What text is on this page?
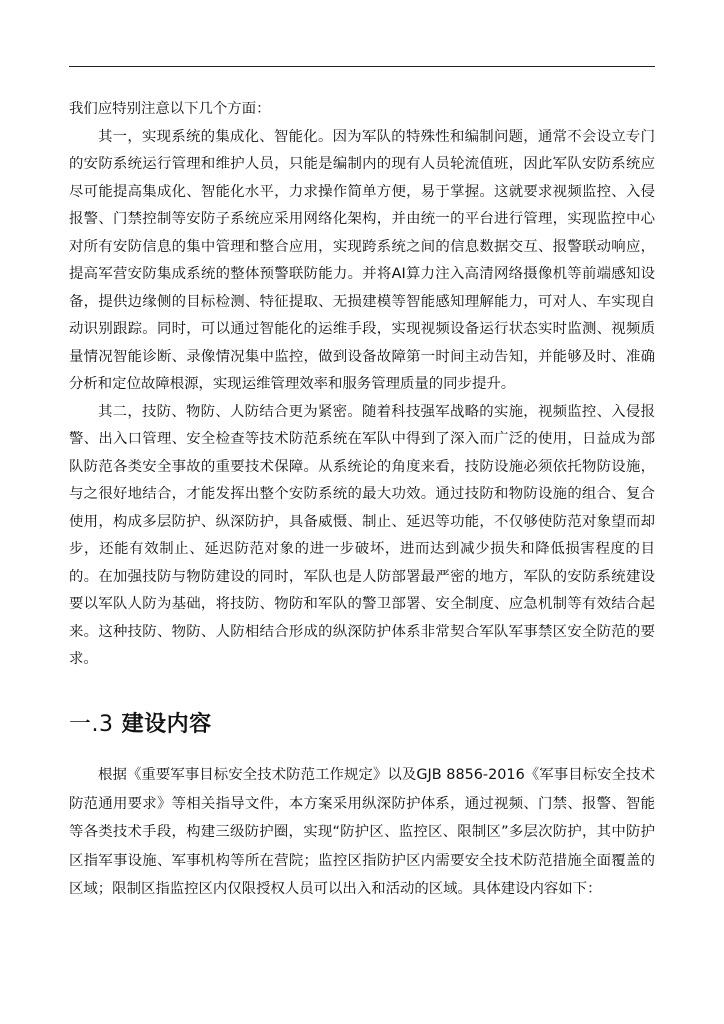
我们应特别注意以下几个方面：

其一，实现系统的集成化、智能化。因为军队的特殊性和编制问题，通常不会设立专门的安防系统运行管理和维护人员，只能是编制内的现有人员轮流值班，因此军队安防系统应尽可能提高集成化、智能化水平，力求操作简单方便，易于掌握。这就要求视频监控、入侵报警、门禁控制等安防子系统应采用网络化架构，并由统一的平台进行管理，实现监控中心对所有安防信息的集中管理和整合应用，实现跨系统之间的信息数据交互、报警联动响应，提高军营安防集成系统的整体预警联防能力。并将AI算力注入高清网络摄像机等前端感知设备，提供边缘侧的目标检测、特征提取、无损建模等智能感知理解能力，可对人、车实现自动识别跟踪。同时，可以通过智能化的运维手段，实现视频设备运行状态实时监测、视频质量情况智能诊断、录像情况集中监控，做到设备故障第一时间主动告知，并能够及时、准确分析和定位故障根源，实现运维管理效率和服务管理质量的同步提升。

其二，技防、物防、人防结合更为紧密。随着科技强军战略的实施，视频监控、入侵报警、出入口管理、安全检查等技术防范系统在军队中得到了深入而广泛的使用，日益成为部队防范各类安全事故的重要技术保障。从系统论的角度来看，技防设施必须依托物防设施，与之很好地结合，才能发挥出整个安防系统的最大功效。通过技防和物防设施的组合、复合使用，构成多层防护、纵深防护，具备威慑、制止、延迟等功能，不仅够使防范对象望而却步，还能有效制止、延迟防范对象的进一步破坏，进而达到减少损失和降低损害程度的目的。在加强技防与物防建设的同时，军队也是人防部署最严密的地方，军队的安防系统建设要以军队人防为基础，将技防、物防和军队的警卫部署、安全制度、应急机制等有效结合起来。这种技防、物防、人防相结合形成的纵深防护体系非常契合军队军事禁区安全防范的要求。

一.3 建设内容

根据《重要军事目标安全技术防范工作规定》以及GJB 8856-2016《军事目标安全技术防范通用要求》等相关指导文件，本方案采用纵深防护体系，通过视频、门禁、报警、智能等各类技术手段，构建三级防护圈，实现“防护区、监控区、限制区”多层次防护，其中防护区指军事设施、军事机构等所在营院；监控区指防护区内需要安全技术防范措施全面覆盖的区域；限制区指监控区内仅限授权人员可以出入和活动的区域。具体建设内容如下：
